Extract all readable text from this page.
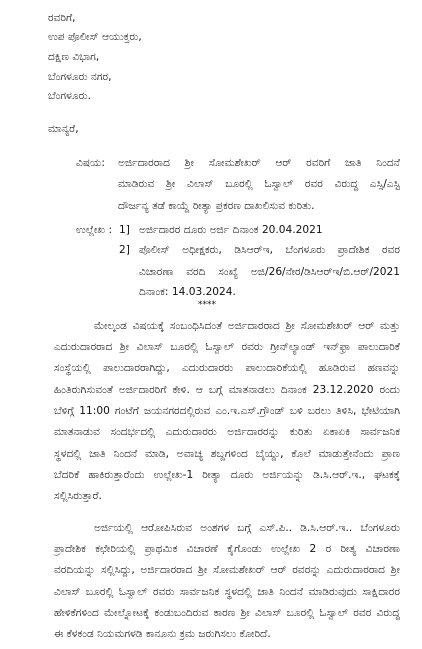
ರವರಿಗೆ,
ಉಪ ಪೊಲೀಸ್ ಆಯುಕ್ತರು,
ದಕ್ಷಿಣ ವಿಭಾಗ,
ಬೆಂಗಳೂರು ನಗರ,
ಬೆಂಗಳೂರು.
ಮಾನ್ಯರೆ,
ವಿಷಯ: ಅರ್ಜಿದಾರರಾದ ಶ್ರೀ ಸೋಮಶೇಖರ್ ಆರ್ ರವರಿಗೆ ಜಾತಿ ನಿಂದನೆ
ಮಾಡಿರುವ ಶ್ರೀ ವಿಲಾಸ್ ಬೂರಲ್ಲಿ ಓಸ್ವಾಲ್ ರವರ ವಿರುದ್ಧ ಎಸ್ಸಿ/ಎಸ್ಟಿ
ದೌರ್ಜನ್ಯ ತಡೆ ಕಾಯ್ದೆ ರೀತ್ಯಾ ಪ್ರಕರಣ ದಾಖಲಿಸುವ ಕುರಿತು.
ಉಲ್ಲೇಖ : 1] ಅರ್ಜಿದಾರರ ದೂರು ಅರ್ಜಿ ದಿನಾಂಕ 20.04.2021
2] ಪೊಲೀಸ್ ಅಧೀಕ್ಷಕರು, ಡಿಸಿಆರ್‌ಇ, ಬೆಂಗಳೂರು ಪ್ರಾದೇಶಿಕ ರವರ
ವಿಚಾರಣಾ ವರದಿ ಸಂಖ್ಯೆ ಅಜಿ/26/ನೇರ/ಡಿಸಿಆರ್‌ಇ/ಬಿ.ಆರ್/2021
ದಿನಾಂಕ: 14.03.2024.
****
ಮೇಲ್ಕಂಡ ವಿಷಯಕ್ಕೆ ಸಂಬಂಧಿಸಿದಂತೆ ಅರ್ಜಿದಾರರಾದ ಶ್ರೀ ಸೋಮಶೇಖರ್ ಆರ್ ಮತ್ತು
ಎದುರುದಾರರಾದ ಶ್ರೀ ವಿಲಾಸ್ ಬೂರಲ್ಲಿ ಓಸ್ವಾಲ್ ರವರು ಗ್ರೀನ್‌ಲ್ಯಾಂಡ್ ಇನ್‌ಫ್ರಾ ಪಾಲುದಾರಿಕೆ
ಸಂಸ್ಥೆಯಲ್ಲಿ ಪಾಲುದಾರರಾಗಿದ್ದು, ಎದುರುದಾರರು ಪಾಲುದಾರಿಕೆಯಲ್ಲಿ ಹೂಡಿರುವ ಹಣವನ್ನು
ಹಿಂತಿರುಗಿಸುವಂತೆ ಅರ್ಜಿದಾರರಿಗೆ ಕೇಳಿ. ಆ ಬಗ್ಗೆ ಮಾತನಾಡಲು ದಿನಾಂಕ 23.12.2020 ರಂದು
ಬೆಳಿಗ್ಗೆ 11:00 ಗಂಟೆಗೆ ಜಯನಗರದಲ್ಲಿರುವ ಎಂ.ಇ.ಎಸ್.ಗ್ರೌಂಡ್ ಬಳಿ ಬರಲು ತಿಳಿಸಿ, ಭೇಟಿಯಾಗಿ
ಮಾತನಾಡುವ ಸಂದರ್ಭದಲ್ಲಿ ಎದುರುದಾರರು ಅರ್ಜಿದಾರರನ್ನು ಕುರಿತು ಏಕಾಏಕಿ ಸಾರ್ವಜನಿಕ
ಸ್ಥಳದಲ್ಲಿ ಜಾತಿ ನಿಂದನೆ ಮಾಡಿ, ಅವಾಚ್ಯ ಶಬ್ದಗಳಿಂದ ಬೈಯ್ದು, ಕೊಲೆ ಮಾಡುತ್ತೇನೆಂದು ಪ್ರಾಣ
ಬೆದರಿಕೆ ಹಾಕಿರುತ್ತಾರೆಂದು ಉಲ್ಲೇಖ-1 ರೀತ್ಯಾ ದೂರು ಅರ್ಜಿಯನ್ನು ಡಿ.ಸಿ.ಆರ್.ಇ., ಘಟಕಕ್ಕೆ
ಸಲ್ಲಿಸಿರುತ್ತಾರೆ.
ಅರ್ಜಿಯಲ್ಲಿ ಆರೋಪಿಸಿರುವ ಅಂಶಗಳ ಬಗ್ಗೆ ಎಸ್.ಪಿ.. ಡಿ.ಸಿ.ಆರ್.ಇ.. ಬೆಂಗಳೂರು
ಪ್ರಾದೇಶಿಕ ಕಛೇರಿಯಲ್ಲಿ ಪ್ರಾಥಮಿಕ ವಿಚಾರಣೆ ಕೈಗೊಂಡು ಉಲ್ಲೇಖ 2 ರ ರೀತ್ಯ ವಿಚಾರಣಾ
ವರದಿಯನ್ನು ಸಲ್ಲಿಸಿದ್ದು, ಅರ್ಜಿದಾರರಾದ ಶ್ರೀ ಸೋಮಶೇಖರ್ ಆರ್ ರವರನ್ನು ಎದುರುದಾರರಾದ ಶ್ರೀ
ವಿಲಾಸ್ ಬೂರಲ್ಲಿ ಓಸ್ವಾಲ್ ರವರು ಸಾರ್ವಜನಿಕ ಸ್ಥಳದಲ್ಲಿ ಜಾತಿ ನಿಂದನೆ ಮಾಡಿರುವುದು ಸಾಕ್ಷಿದಾರರ
ಹೇಳಿಕೆಗಳಿಂದ ಮೇಲ್ನೋಟಕ್ಕೆ ಕಂಡುಬಂದಿರುವ ಕಾರಣ ಶ್ರೀ ವಿಲಾಸ್ ಬೂರಲ್ಲಿ ಓಸ್ವಾಲ್ ರವರ ವಿರುದ್ಧ
ಈ ಕೆಳಕಂಡ ನಿಯಮಗಳಡಿ ಕಾನೂನು ಕ್ರಮ ಜರುಗಿಸಲು ಕೋರಿದೆ.
